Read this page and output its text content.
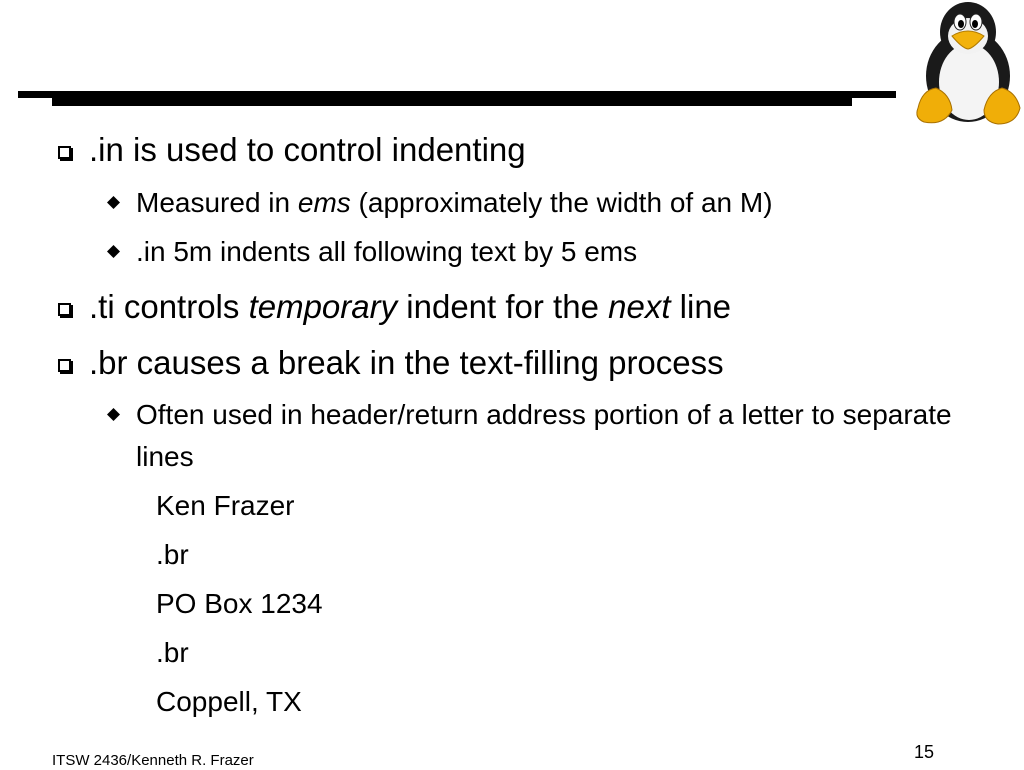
.in is used to control indenting
Measured in ems (approximately the width of an M)
.in 5m indents all following text by 5 ems
.ti controls temporary indent for the next line
.br causes a break in the text-filling process
Often used in header/return address portion of a letter to separate lines
Ken Frazer
.br
PO Box 1234
.br
Coppell, TX
ITSW 2436/Kenneth R. Frazer	15
